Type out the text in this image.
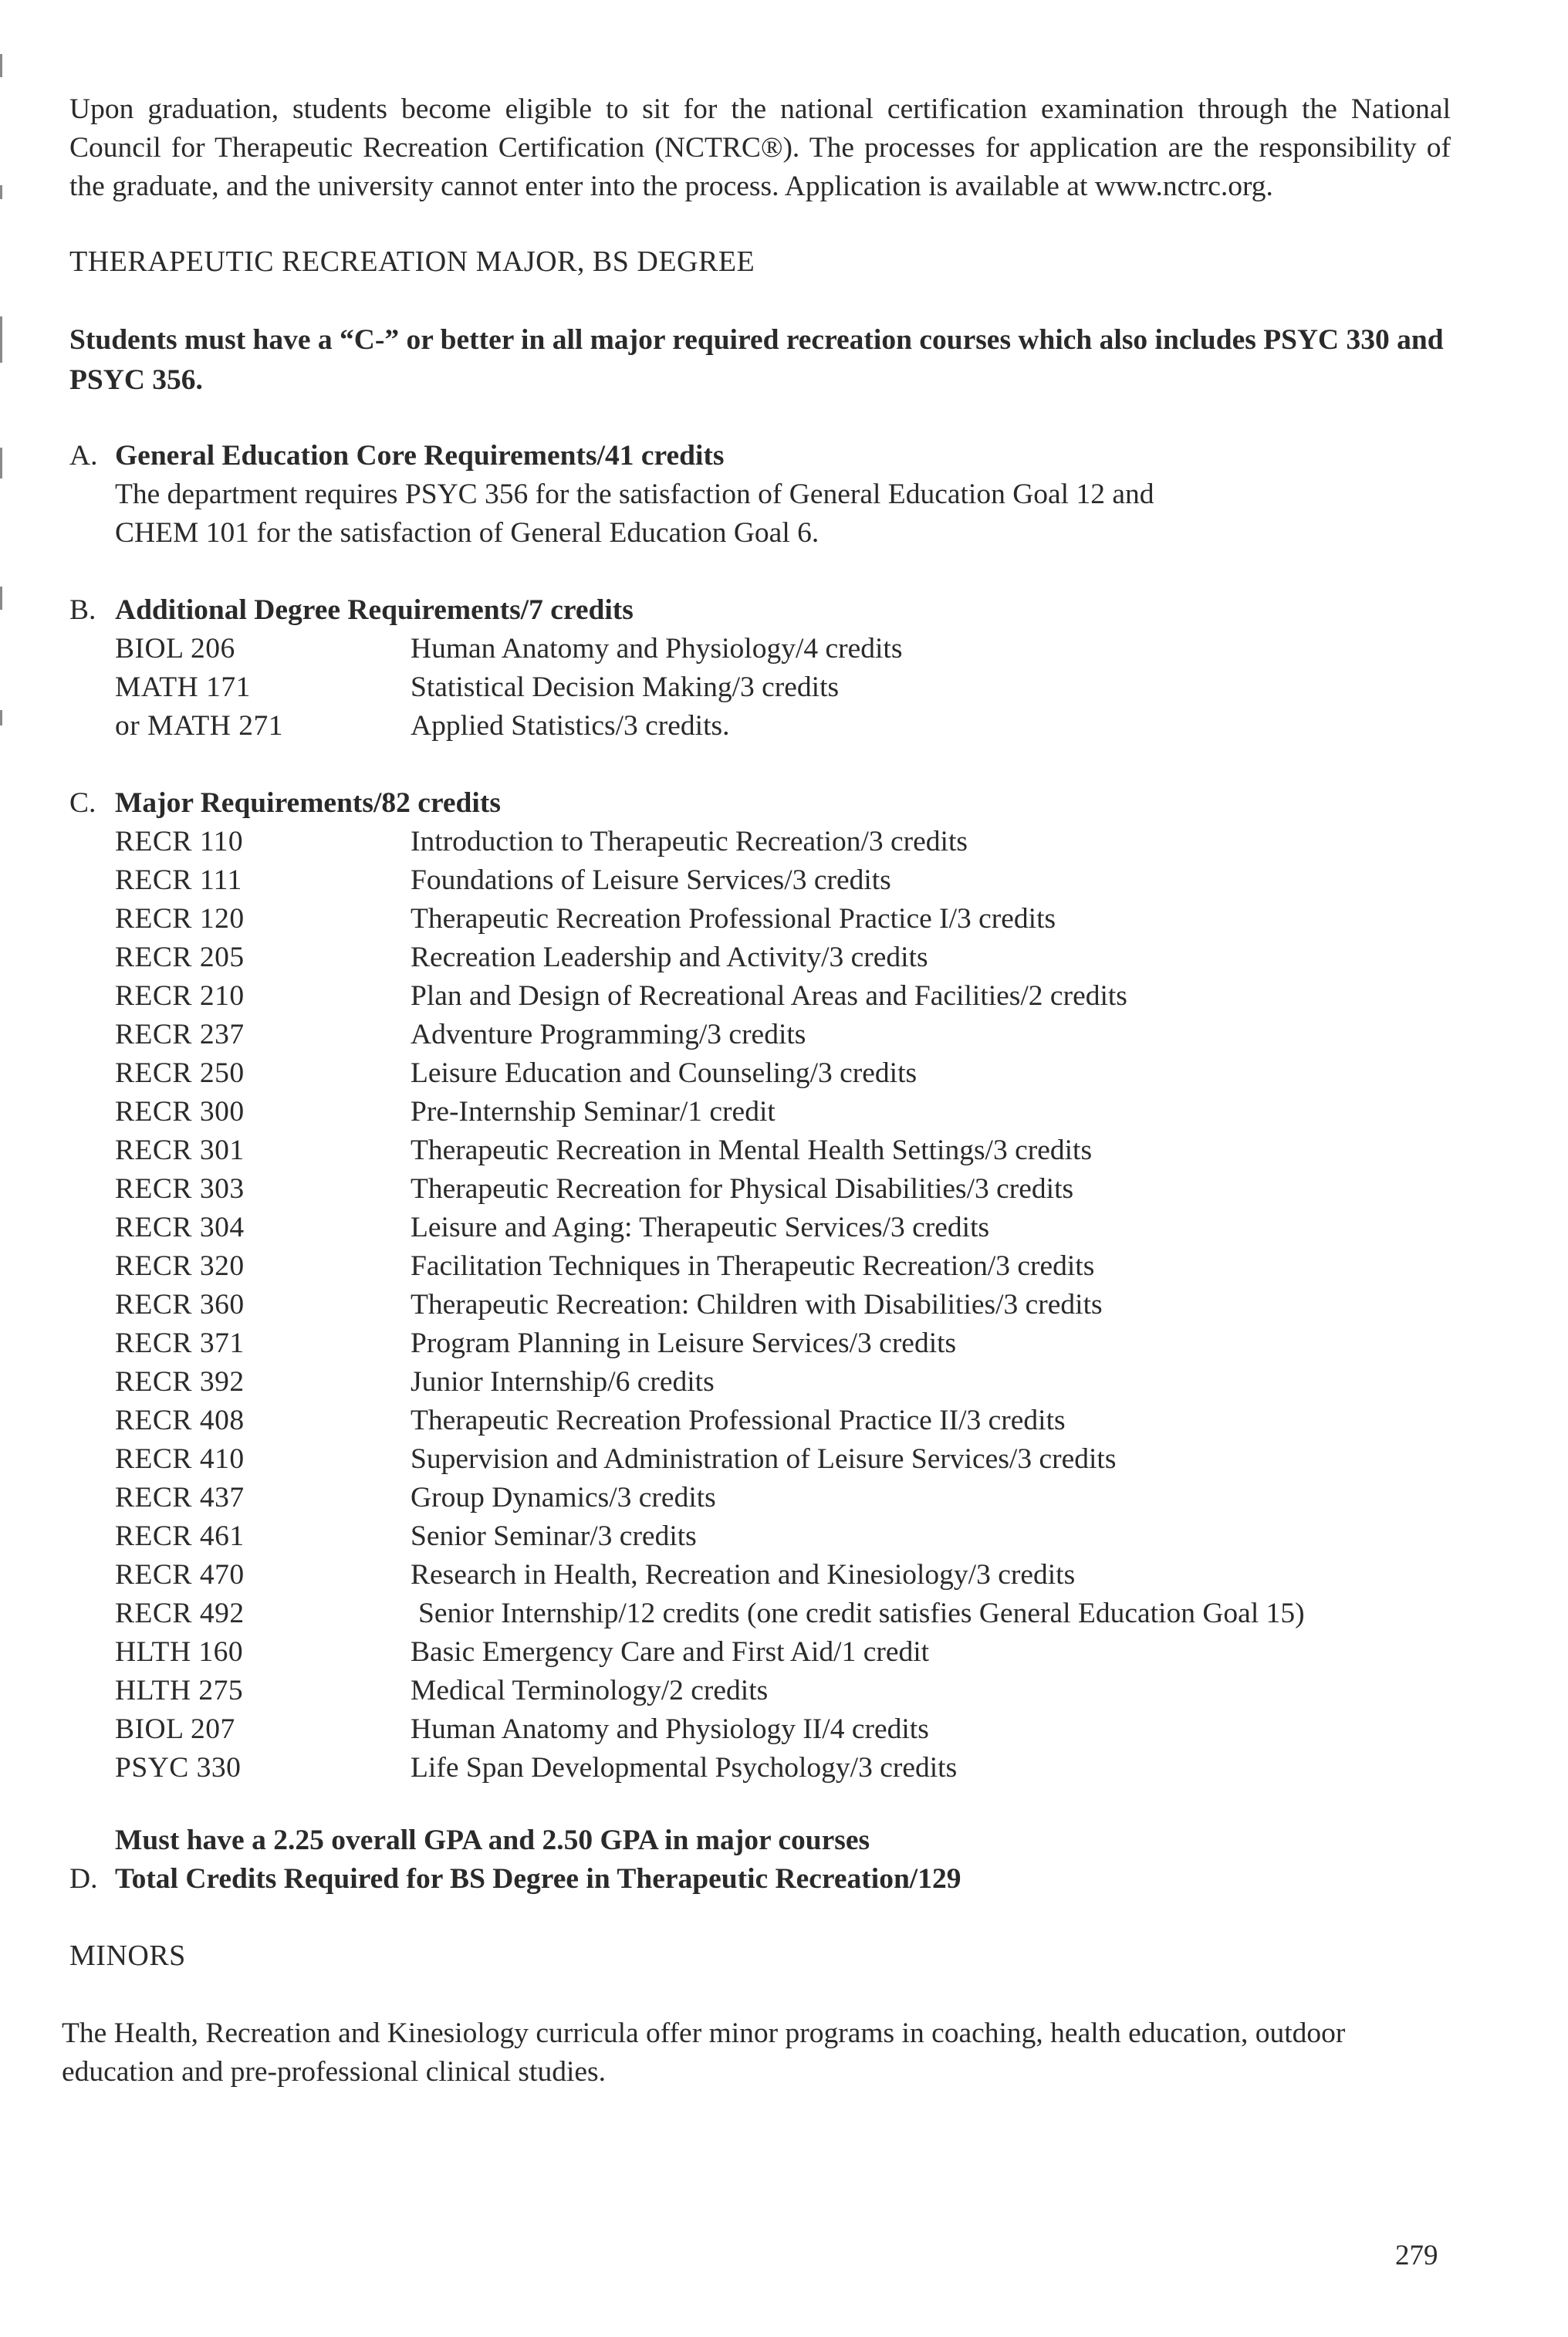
Upon graduation, students become eligible to sit for the national certification examination through the National Council for Therapeutic Recreation Certification (NCTRC®). The processes for application are the responsibility of the graduate, and the university cannot enter into the process. Application is available at www.nctrc.org.

THERAPEUTIC RECREATION MAJOR, BS DEGREE
Students must have a “C-” or better in all major required recreation courses which also includes PSYC 330 and PSYC 356.
A. General Education Core Requirements/41 credits
The department requires PSYC 356 for the satisfaction of General Education Goal 12 and
CHEM 101 for the satisfaction of General Education Goal 6.
B. Additional Degree Requirements/7 credits
BIOL 206	Human Anatomy and Physiology/4 credits
MATH 171	Statistical Decision Making/3 credits
or MATH 271	Applied Statistics/3 credits.
C. Major Requirements/82 credits
RECR 110	Introduction to Therapeutic Recreation/3 credits
RECR 111	Foundations of Leisure Services/3 credits
RECR 120	Therapeutic Recreation Professional Practice I/3 credits
RECR 205	Recreation Leadership and Activity/3 credits
RECR 210	Plan and Design of Recreational Areas and Facilities/2 credits
RECR 237	Adventure Programming/3 credits
RECR 250	Leisure Education and Counseling/3 credits
RECR 300	Pre-Internship Seminar/1 credit
RECR 301	Therapeutic Recreation in Mental Health Settings/3 credits
RECR 303	Therapeutic Recreation for Physical Disabilities/3 credits
RECR 304	Leisure and Aging: Therapeutic Services/3 credits
RECR 320	Facilitation Techniques in Therapeutic Recreation/3 credits
RECR 360	Therapeutic Recreation: Children with Disabilities/3 credits
RECR 371	Program Planning in Leisure Services/3 credits
RECR 392	Junior Internship/6 credits
RECR 408	Therapeutic Recreation Professional Practice II/3 credits
RECR 410	Supervision and Administration of Leisure Services/3 credits
RECR 437	Group Dynamics/3 credits
RECR 461	Senior Seminar/3 credits
RECR 470	Research in Health, Recreation and Kinesiology/3 credits
RECR 492	Senior Internship/12 credits (one credit satisfies General Education Goal 15)
HLTH 160	Basic Emergency Care and First Aid/1 credit
HLTH 275	Medical Terminology/2 credits
BIOL 207	Human Anatomy and Physiology II/4 credits
PSYC 330	Life Span Developmental Psychology/3 credits
Must have a 2.25 overall GPA and 2.50 GPA in major courses
D. Total Credits Required for BS Degree in Therapeutic Recreation/129
MINORS

The Health, Recreation and Kinesiology curricula offer minor programs in coaching, health education, outdoor education and pre-professional clinical studies.

279
